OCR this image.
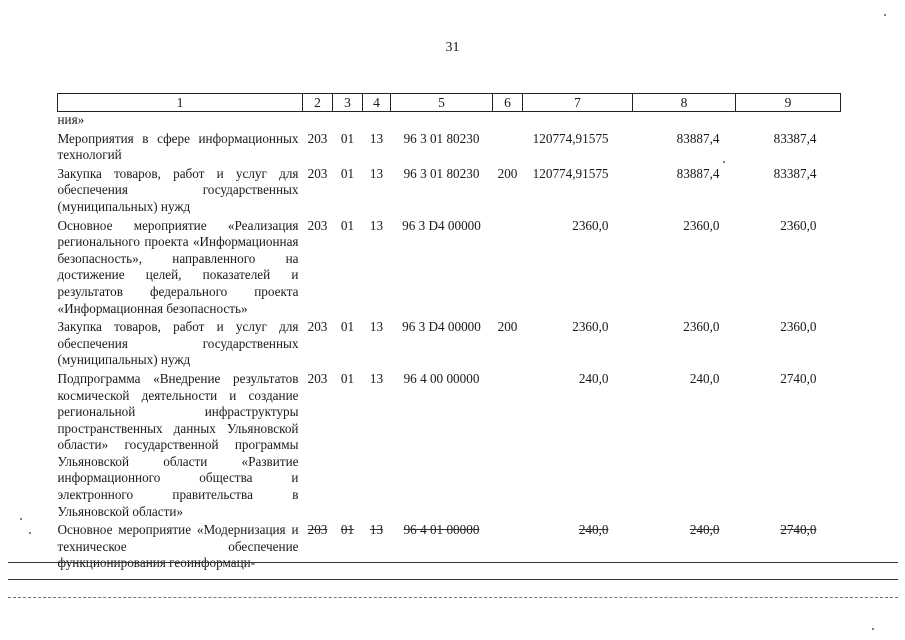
31
1	2	3	4	5	6	7	8	9
ния»								
Мероприятия в сфере информационных технологий	203	01	13	96 3 01 80230		120774,91575	83887,4	83387,4
Закупка товаров, работ и услуг для обеспечения государственных (муниципальных) нужд	203	01	13	96 3 01 80230	200	120774,91575	83887,4	83387,4
Основное мероприятие «Реализация регионального проекта «Информационная безопасность», направленного на достижение целей, показателей и результатов федерального проекта «Информационная безопасность»	203	01	13	96 3 D4 00000		2360,0	2360,0	2360,0
Закупка товаров, работ и услуг для обеспечения государственных (муниципальных) нужд	203	01	13	96 3 D4 00000	200	2360,0	2360,0	2360,0
Подпрограмма «Внедрение результатов космической деятельности и создание региональной инфраструктуры пространственных данных Ульяновской области» государственной программы Ульяновской области «Развитие информационного общества и электронного правительства в Ульяновской области»	203	01	13	96 4 00 00000		240,0	240,0	2740,0
Основное мероприятие «Модернизация и техническое обеспечение функционирования геоинформаци-	203	01	13	96 4 01 00000		240,0	240,0	2740,0
